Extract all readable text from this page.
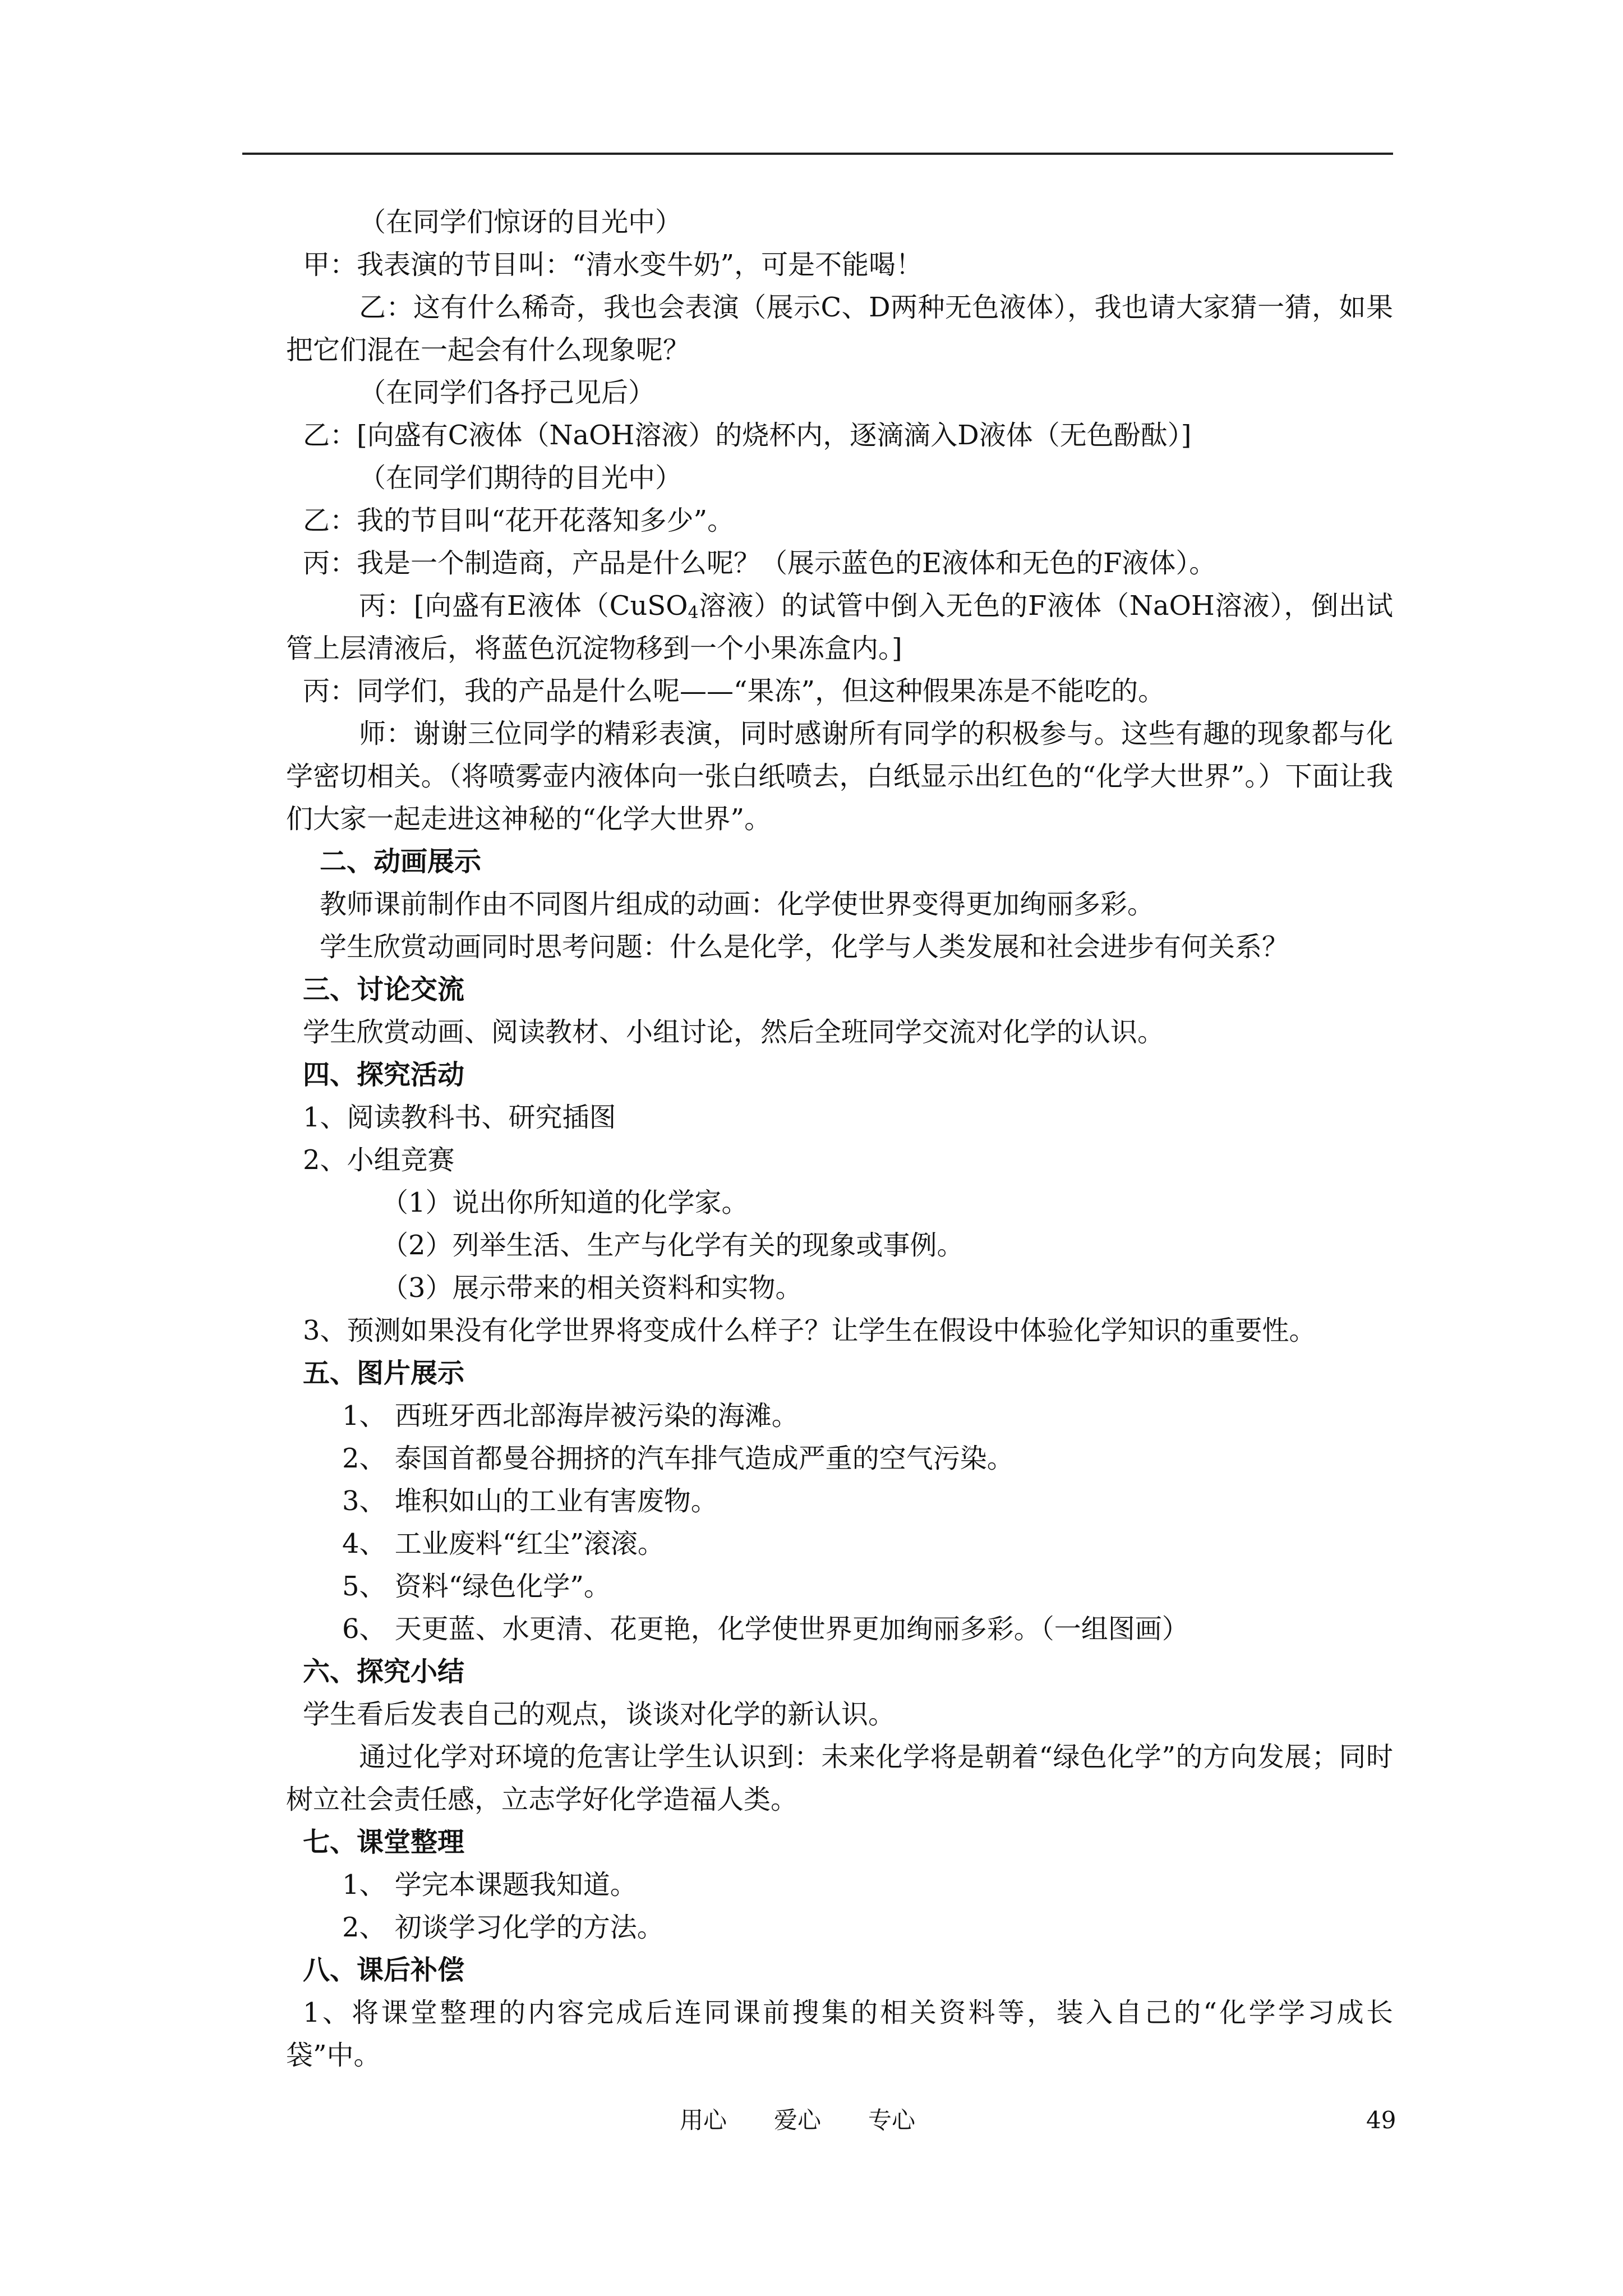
（在同学们惊讶的目光中）
甲：我表演的节目叫：“清水变牛奶”，可是不能喝！
乙：这有什么稀奇，我也会表演（展示C、D两种无色液体），我也请大家猜一猜，如果把它们混在一起会有什么现象呢？
（在同学们各抒己见后）
乙：[向盛有C液体（NaOH溶液）的烧杯内，逐滴滴入D液体（无色酚酞）]
（在同学们期待的目光中）
乙：我的节目叫“花开花落知多少”。
丙：我是一个制造商，产品是什么呢？（展示蓝色的E液体和无色的F液体）。
丙：[向盛有E液体（CuSO$_4$溶液）的试管中倒入无色的F液体（NaOH溶液），倒出试管上层清液后，将蓝色沉淀物移到一个小果冻盒内。]
丙：同学们，我的产品是什么呢——“果冻”，但这种假果冻是不能吃的。
师：谢谢三位同学的精彩表演，同时感谢所有同学的积极参与。这些有趣的现象都与化学密切相关。（将喷雾壶内液体向一张白纸喷去，白纸显示出红色的“化学大世界”。）下面让我们大家一起走进这神秘的“化学大世界”。
二、动画展示
教师课前制作由不同图片组成的动画：化学使世界变得更加绚丽多彩。
学生欣赏动画同时思考问题：什么是化学，化学与人类发展和社会进步有何关系？
三、讨论交流
学生欣赏动画、阅读教材、小组讨论，然后全班同学交流对化学的认识。
四、探究活动
1、阅读教科书、研究插图
2、小组竞赛
（1）说出你所知道的化学家。
（2）列举生活、生产与化学有关的现象或事例。
（3）展示带来的相关资料和实物。
3、预测如果没有化学世界将变成什么样子？让学生在假设中体验化学知识的重要性。
五、图片展示
1、 西班牙西北部海岸被污染的海滩。
2、 泰国首都曼谷拥挤的汽车排气造成严重的空气污染。
3、 堆积如山的工业有害废物。
4、 工业废料“红尘”滚滚。
5、 资料“绿色化学”。
6、 天更蓝、水更清、花更艳，化学使世界更加绚丽多彩。（一组图画）
六、探究小结
学生看后发表自己的观点，谈谈对化学的新认识。
通过化学对环境的危害让学生认识到：未来化学将是朝着“绿色化学”的方向发展；同时树立社会责任感，立志学好化学造福人类。
七、课堂整理
1、 学完本课题我知道。
2、 初谈学习化学的方法。
八、课后补偿
1、将课堂整理的内容完成后连同课前搜集的相关资料等，装入自己的“化学学习成长袋”中。
用心　　爱心　　专心	49
